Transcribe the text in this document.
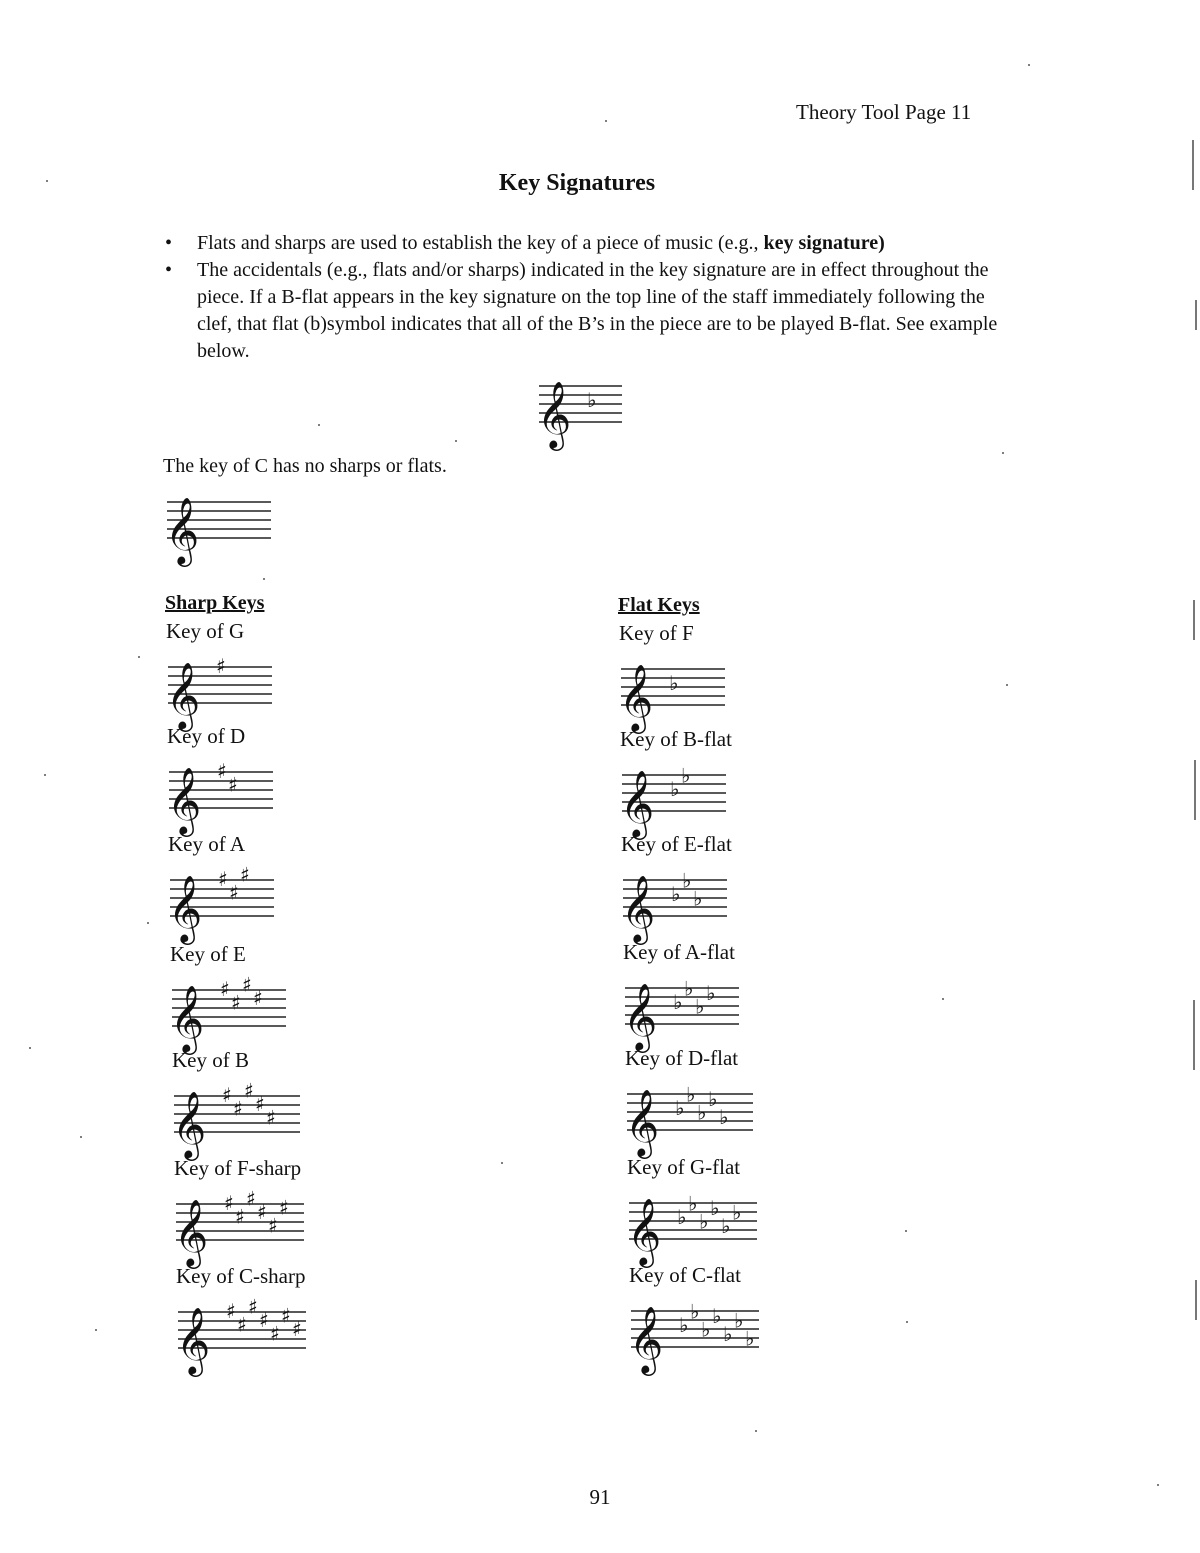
Theory Tool Page 11
Key Signatures
• Flats and sharps are used to establish the key of a piece of music (e.g., key signature)
• The accidentals (e.g., flats and/or sharps) indicated in the key signature are in effect throughout the piece. If a B-flat appears in the key signature on the top line of the staff immediately following the clef, that flat (b)symbol indicates that all of the B’s in the piece are to be played B-flat. See example below.
𝄞 ♭
The key of C has no sharps or flats.
𝄞
Sharp Keys
Key of G
𝄞 ♯
Key of D
𝄞 ♯
♯
Key of A
𝄞 ♯
♯
♯
Key of E
𝄞 ♯
♯
♯
♯
Key of B
𝄞 ♯
♯
♯
♯
♯
Key of F-sharp
𝄞 ♯
♯
♯
♯
♯
♯
Key of C-sharp
𝄞 ♯
♯
♯
♯
♯
♯
♯
Flat Keys
Key of F
𝄞 ♭
Key of B-flat
𝄞 ♭
♭
Key of E-flat
𝄞 ♭
♭
♭
Key of A-flat
𝄞 ♭
♭
♭
♭
Key of D-flat
𝄞 ♭
♭
♭
♭
♭
Key of G-flat
𝄞 ♭
♭
♭
♭
♭
♭
Key of C-flat
𝄞 ♭
♭
♭
♭
♭
♭
♭
91
